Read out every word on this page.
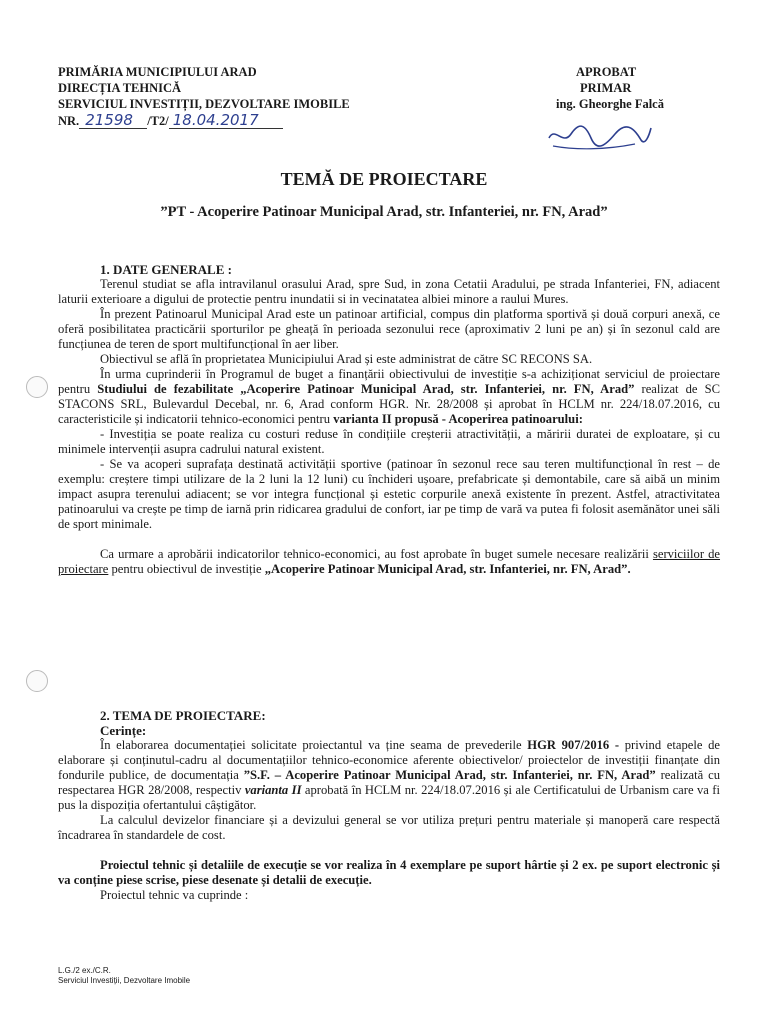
PRIMĂRIA MUNICIPIULUI ARAD
DIRECȚIA TEHNICĂ
SERVICIUL INVESTIȚII, DEZVOLTARE IMOBILE
NR. 21598	/T2/ 18.04.2017
APROBAT
PRIMAR
ing. Gheorghe Falcă
TEMĂ DE PROIECTARE
”PT - Acoperire Patinoar Municipal Arad, str. Infanteriei, nr. FN, Arad”

1. DATE GENERALE :

Terenul studiat se afla intravilanul orasului Arad, spre Sud, in zona Cetatii Aradului, pe strada Infanteriei, FN, adiacent laturii exterioare a digului de protectie pentru inundatii si in vecinatatea albiei minore a raului Mures.

În prezent Patinoarul Municipal Arad este un patinoar artificial, compus din platforma sportivă și două corpuri anexă, ce oferă posibilitatea practicării sporturilor pe gheață în perioada sezonului rece (aproximativ 2 luni pe an) și în sezonul cald are funcțiunea de teren de sport multifuncțional în aer liber.

Obiectivul se află în proprietatea Municipiului Arad și este administrat de către SC RECONS SA.

În urma cuprinderii în Programul de buget a finanțării obiectivului de investiție s-a achiziționat serviciul de proiectare pentru Studiului de fezabilitate „Acoperire Patinoar Municipal Arad, str. Infanteriei, nr. FN, Arad” realizat de SC STACONS SRL, Bulevardul Decebal, nr. 6, Arad conform HGR. Nr. 28/2008 și aprobat în HCLM nr. 224/18.07.2016, cu caracteristicile și indicatorii tehnico-economici pentru varianta II propusă - Acoperirea patinoarului:

- Investiția se poate realiza cu costuri reduse în condițiile creșterii atractivității, a măririi duratei de exploatare, și cu minimele intervenții asupra cadrului natural existent.

- Se va acoperi suprafața destinată activității sportive (patinoar în sezonul rece sau teren multifuncțional în rest – de exemplu: creștere timpi utilizare de la 2 luni la 12 luni) cu închideri ușoare, prefabricate și demontabile, care să aibă un minim impact asupra terenului adiacent; se vor integra funcțional și estetic corpurile anexă existente în prezent. Astfel, atractivitatea patinoarului va crește pe timp de iarnă prin ridicarea gradului de confort, iar pe timp de vară va putea fi folosit asemănător unei săli de sport minimale.

Ca urmare a aprobării indicatorilor tehnico-economici, au fost aprobate în buget sumele necesare realizării serviciilor de proiectare pentru obiectivul de investiție „Acoperire Patinoar Municipal Arad, str. Infanteriei, nr. FN, Arad”.

2. TEMA DE PROIECTARE:

Cerințe:

În elaborarea documentației solicitate proiectantul va ține seama de prevederile HGR 907/2016 - privind etapele de elaborare și conținutul-cadru al documentațiilor tehnico-economice aferente obiectivelor/ proiectelor de investiții finanțate din fondurile publice, de documentația ”S.F. – Acoperire Patinoar Municipal Arad, str. Infanteriei, nr. FN, Arad” realizată cu respectarea HGR 28/2008, respectiv varianta II aprobată în HCLM nr. 224/18.07.2016 și ale Certificatului de Urbanism care va fi pus la dispoziția ofertantului câștigător.

La calculul devizelor financiare și a devizului general se vor utiliza prețuri pentru materiale și manoperă care respectă încadrarea în standardele de cost.

Proiectul tehnic și detaliile de execuție se vor realiza în 4 exemplare pe suport hârtie și 2 ex. pe suport electronic și va conține piese scrise, piese desenate și detalii de execuție.

Proiectul tehnic va cuprinde :

L.G./2 ex./C.R.
Serviciul Investiții, Dezvoltare Imobile
